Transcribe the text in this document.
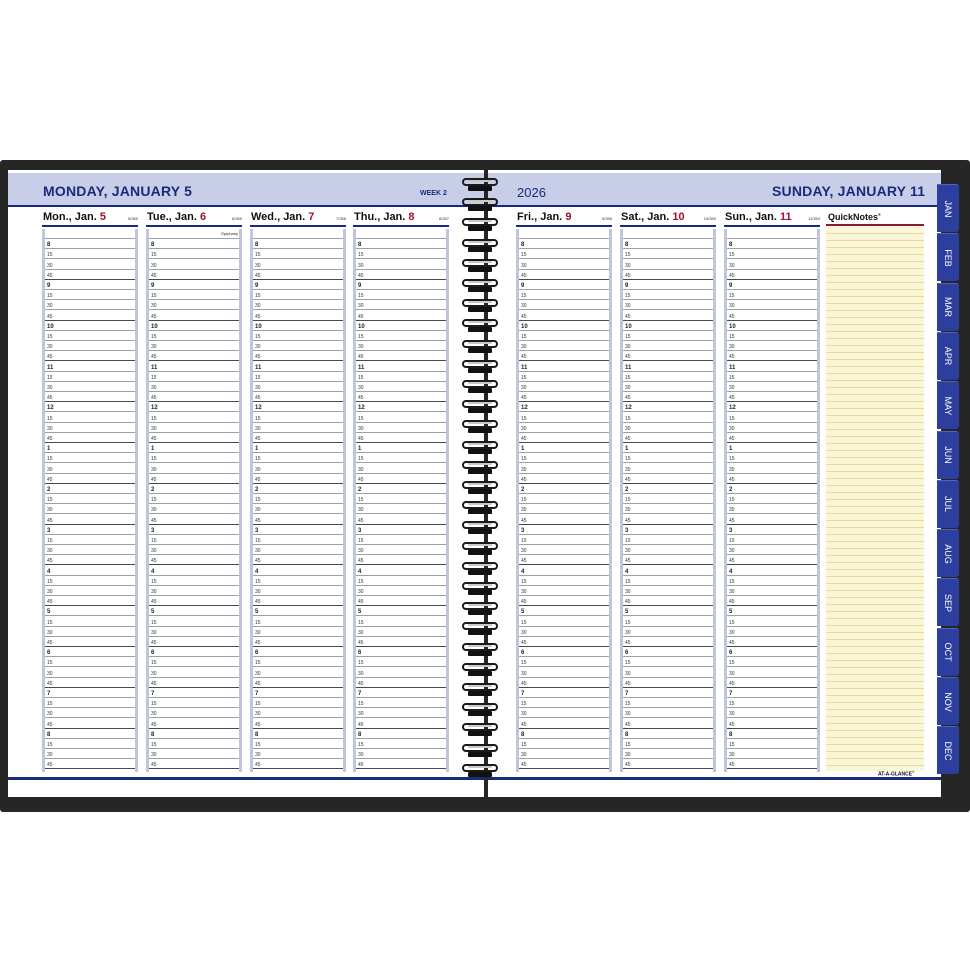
MONDAY, JANUARY 5	WEEK 2	2026	SUNDAY, JANUARY 11
Mon., Jan. 5	5/360
8
15
30
45
9
15
30
45
10
15
30
45
11
15
30
45
12
15
30
45
1
15
30
45
2
15
30
45
3
15
30
45
4
15
30
45
5
15
30
45
6
15
30
45
7
15
30
45
8
15
30
45
Tue., Jan. 6	6/359
Epiphany
8
15
30
45
9
15
30
45
10
15
30
45
11
15
30
45
12
15
30
45
1
15
30
45
2
15
30
45
3
15
30
45
4
15
30
45
5
15
30
45
6
15
30
45
7
15
30
45
8
15
30
45
Wed., Jan. 7	7/358
8
15
30
45
9
15
30
45
10
15
30
45
11
15
30
45
12
15
30
45
1
15
30
45
2
15
30
45
3
15
30
45
4
15
30
45
5
15
30
45
6
15
30
45
7
15
30
45
8
15
30
45
Thu., Jan. 8	8/357
8
15
30
45
9
15
30
45
10
15
30
45
11
15
30
45
12
15
30
45
1
15
30
45
2
15
30
45
3
15
30
45
4
15
30
45
5
15
30
45
6
15
30
45
7
15
30
45
8
15
30
45
Fri., Jan. 9	9/356
8
15
30
45
9
15
30
45
10
15
30
45
11
15
30
45
12
15
30
45
1
15
30
45
2
15
30
45
3
15
30
45
4
15
30
45
5
15
30
45
6
15
30
45
7
15
30
45
8
15
30
45
Sat., Jan. 10	10/355
8
15
30
45
9
15
30
45
10
15
30
45
11
15
30
45
12
15
30
45
1
15
30
45
2
15
30
45
3
15
30
45
4
15
30
45
5
15
30
45
6
15
30
45
7
15
30
45
8
15
30
45
Sun., Jan. 11	11/354
8
15
30
45
9
15
30
45
10
15
30
45
11
15
30
45
12
15
30
45
1
15
30
45
2
15
30
45
3
15
30
45
4
15
30
45
5
15
30
45
6
15
30
45
7
15
30
45
8
15
30
45
QuickNotes®
AT-A-GLANCE®
JAN
FEB
MAR
APR
MAY
JUN
JUL
AUG
SEP
OCT
NOV
DEC
